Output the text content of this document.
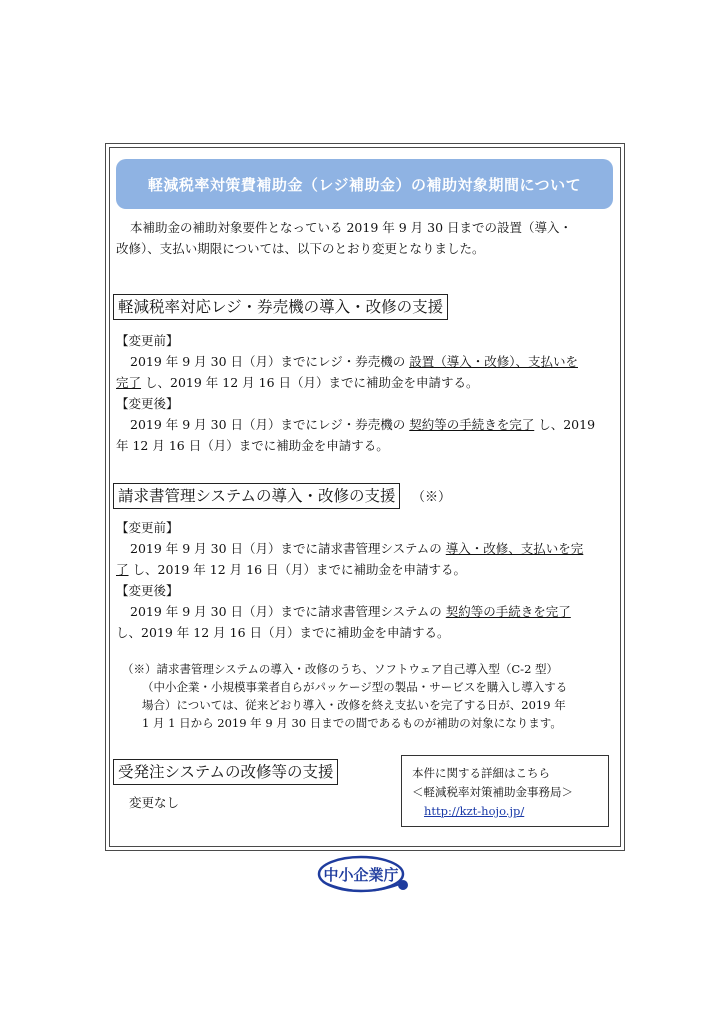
軽減税率対策費補助金（レジ補助金）の補助対象期間について
本補助金の補助対象要件となっている 2019 年 9 月 30 日までの設置（導入・
改修）、支払い期限については、以下のとおり変更となりました。
軽減税率対応レジ・券売機の導入・改修の支援
【変更前】
2019 年 9 月 30 日（月）までにレジ・券売機の 設置（導入・改修）、支払いを
完了 し、2019 年 12 月 16 日（月）までに補助金を申請する。
【変更後】
2019 年 9 月 30 日（月）までにレジ・券売機の 契約等の手続きを完了 し、2019
年 12 月 16 日（月）までに補助金を申請する。
請求書管理システムの導入・改修の支援	（※）
【変更前】
2019 年 9 月 30 日（月）までに請求書管理システムの 導入・改修、支払いを完
了 し、2019 年 12 月 16 日（月）までに補助金を申請する。
【変更後】
2019 年 9 月 30 日（月）までに請求書管理システムの 契約等の手続きを完了
し、2019 年 12 月 16 日（月）までに補助金を申請する。
（※）請求書管理システムの導入・改修のうち、ソフトウェア自己導入型（C-2 型）
（中小企業・小規模事業者自らがパッケージ型の製品・サービスを購入し導入する
場合）については、従来どおり導入・改修を終え支払いを完了する日が、2019 年
1 月 1 日から 2019 年 9 月 30 日までの間であるものが補助の対象になります。
受発注システムの改修等の支援
変更なし
本件に関する詳細はこちら
＜軽減税率対策補助金事務局＞
http://kzt-hojo.jp/
中小企業庁
